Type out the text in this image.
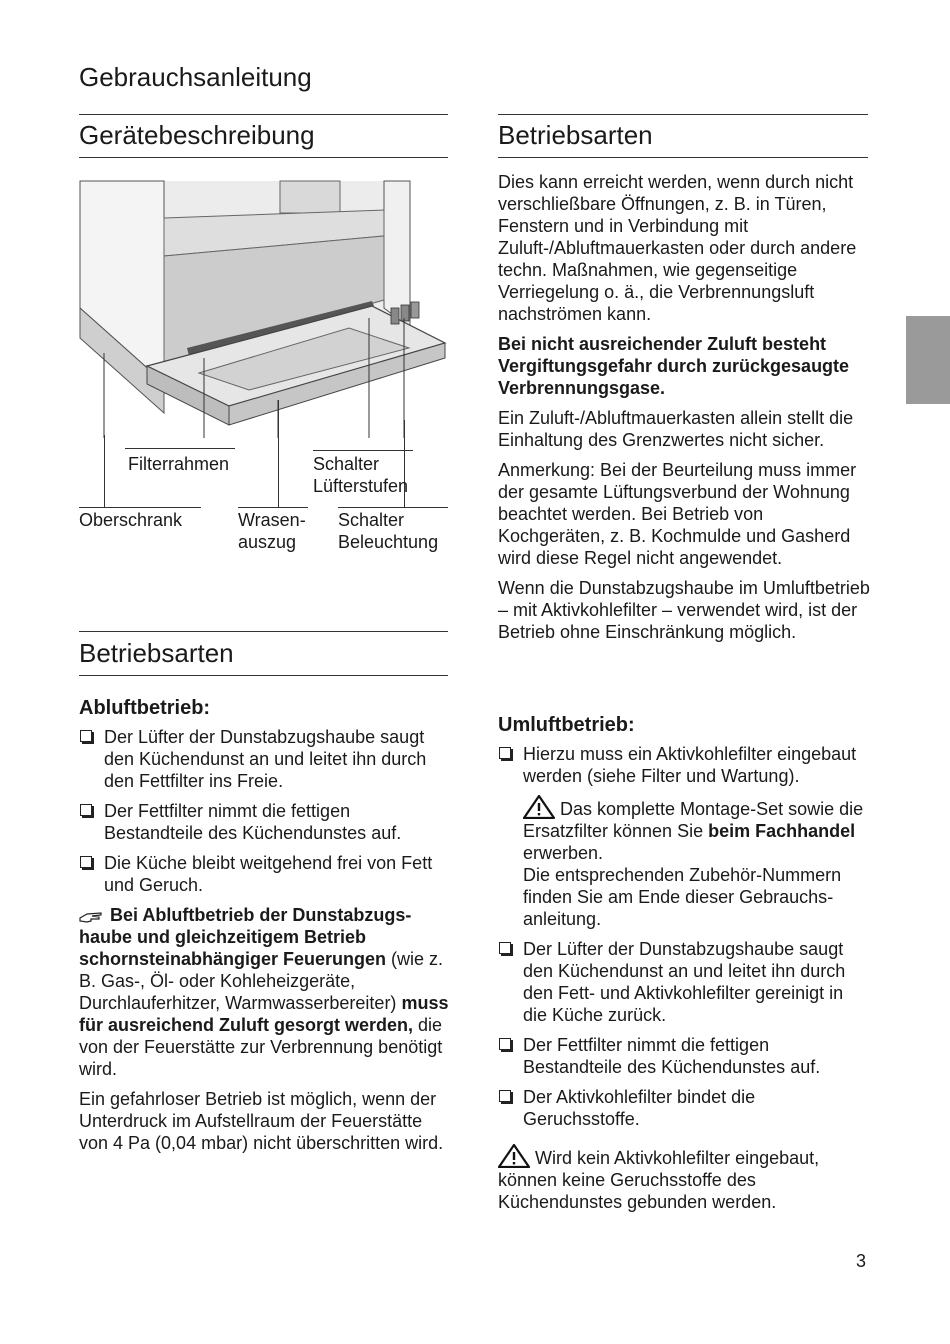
Gebrauchsanleitung
Gerätebeschreibung
Filterrahmen	Schalter
Lüfterstufen
Oberschrank	Wrasen-
auszug
Schalter
Beleuchtung
Betriebsarten
Abluftbetrieb:
Der Lüfter der Dunstabzugshaube saugt den Küchendunst an und leitet ihn durch den Fettfilter ins Freie.
Der Fettfilter nimmt die fettigen Bestandteile des Küchendunstes auf.
Die Küche bleibt weitgehend frei von Fett und Geruch.

Bei Abluftbetrieb der Dunstabzugshaube und gleichzeitigem Betrieb schornsteinabhängiger Feuerungen (wie z. B. Gas-, Öl- oder Kohleheizgeräte, Durchlauferhitzer, Warmwasserbereiter) muss für ausreichend Zuluft gesorgt werden, die von der Feuerstätte zur Verbrennung benötigt wird.

Ein gefahrloser Betrieb ist möglich, wenn der Unterdruck im Aufstellraum der Feuerstätte von 4 Pa (0,04 mbar) nicht überschritten wird.

Betriebsarten

Dies kann erreicht werden, wenn durch nicht verschließbare Öffnungen, z. B. in Türen, Fenstern und in Verbindung mit Zuluft-/Abluftmauerkasten oder durch andere techn. Maßnahmen, wie gegenseitige Verriegelung o. ä., die Verbrennungsluft nachströmen kann.

Bei nicht ausreichender Zuluft besteht Vergiftungsgefahr durch zurückgesaugte Verbrennungsgase.

Ein Zuluft-/Abluftmauerkasten allein stellt die Einhaltung des Grenzwertes nicht sicher.

Anmerkung: Bei der Beurteilung muss immer der gesamte Lüftungsverbund der Wohnung beachtet werden. Bei Betrieb von Kochgeräten, z. B. Kochmulde und Gasherd wird diese Regel nicht angewendet.

Wenn die Dunstabzugshaube im Umluftbetrieb – mit Aktivkohlefilter – verwendet wird, ist der Betrieb ohne Einschränkung möglich.

Umluftbetrieb:
Hierzu muss ein Aktivkohlefilter eingebaut werden (siehe Filter und Wartung).

Das komplette Montage-Set sowie die Ersatzfilter können Sie beim Fachhandel erwerben.
Die entsprechenden Zubehör-Nummern finden Sie am Ende dieser Gebrauchsanleitung.

Der Lüfter der Dunstabzugshaube saugt den Küchendunst an und leitet ihn durch den Fett- und Aktivkohlefilter gereinigt in die Küche zurück.
Der Fettfilter nimmt die fettigen Bestandteile des Küchendunstes auf.
Der Aktivkohlefilter bindet die Geruchsstoffe.

Wird kein Aktivkohlefilter eingebaut, können keine Geruchsstoffe des Küchendunstes gebunden werden.

3
